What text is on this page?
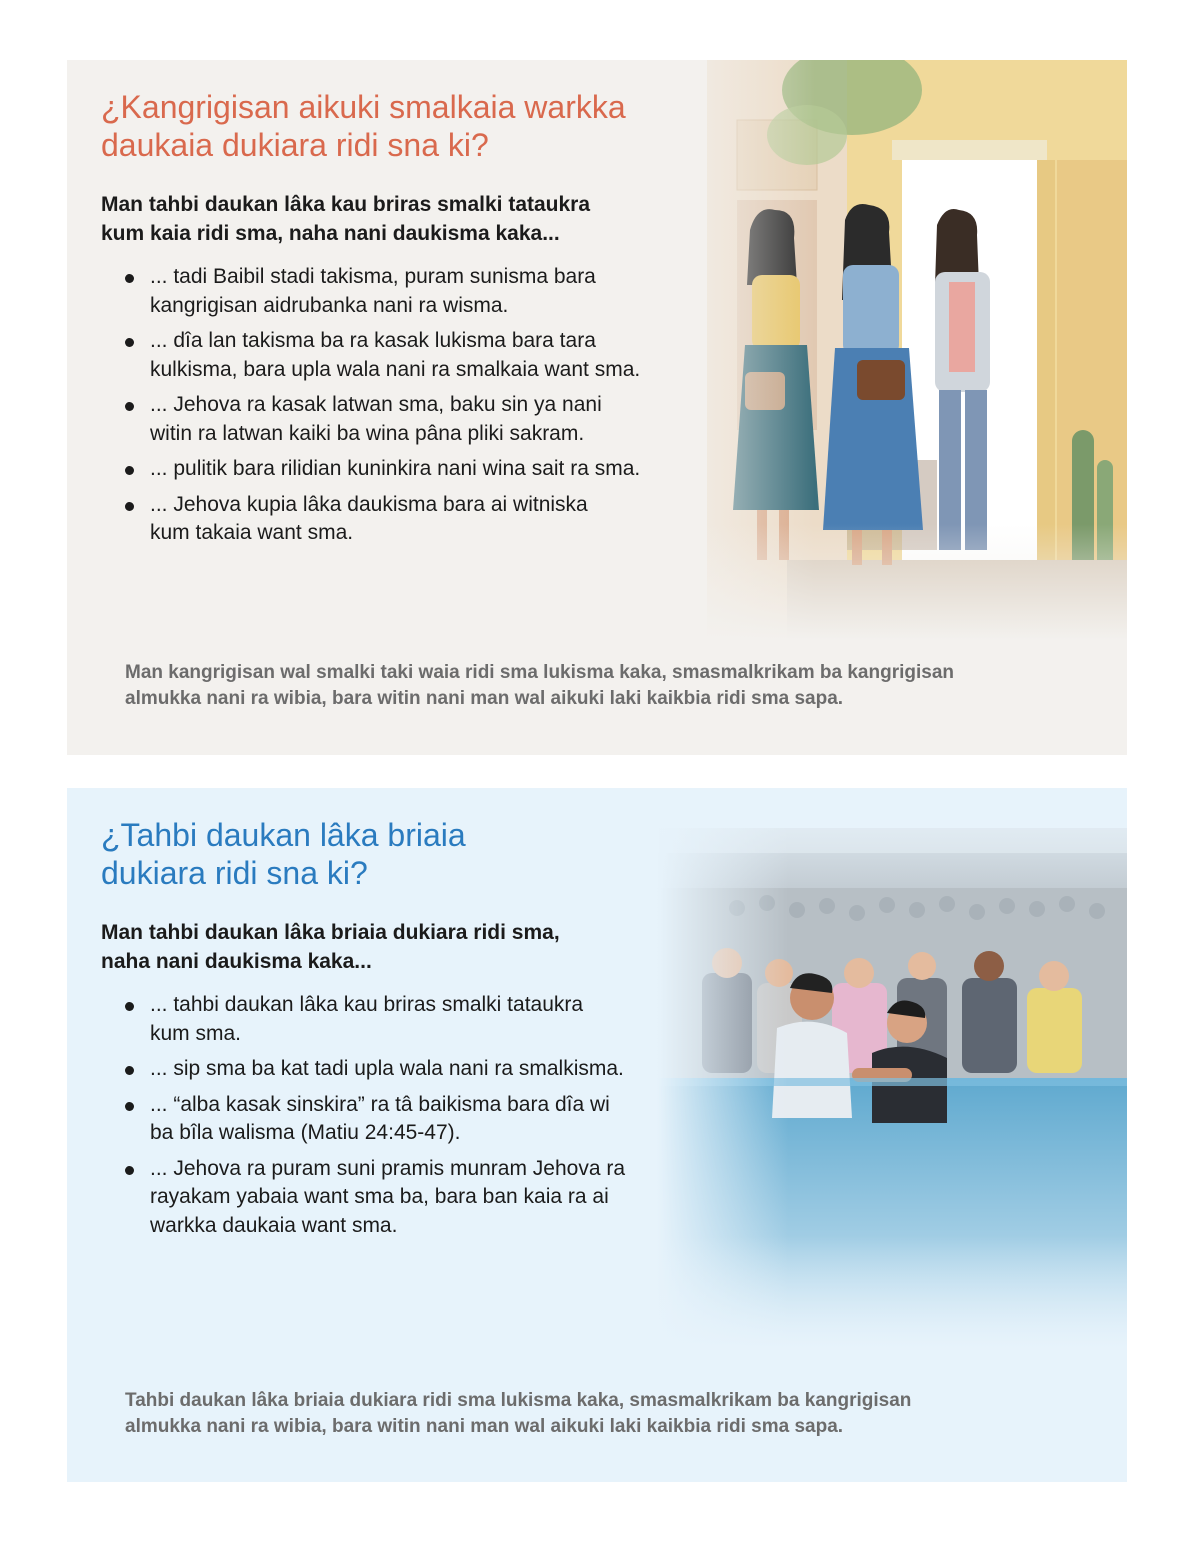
¿Kangrigisan aikuki smalkaia warkka
daukaia dukiara ridi sna ki?

Man tahbi daukan lâka kau briras smalki tataukra
kum kaia ridi sma, naha nani daukisma kaka...

... tadi Baibil stadi takisma, puram sunisma bara
kangrigisan aidrubanka nani ra wisma.
... dîa lan takisma ba ra kasak lukisma bara tara
kulkisma, bara upla wala nani ra smalkaia want sma.
... Jehova ra kasak latwan sma, baku sin ya nani
witin ra latwan kaiki ba wina pâna pliki sakram.
... pulitik bara rilidian kuninkira nani wina sait ra sma.
... Jehova kupia lâka daukisma bara ai witniska
kum takaia want sma.

Man kangrigisan wal smalki taki waia ridi sma lukisma kaka, smasmalkrikam ba kangrigisan
almukka nani ra wibia, bara witin nani man wal aikuki laki kaikbia ridi sma sapa.

¿Tahbi daukan lâka briaia
dukiara ridi sna ki?

Man tahbi daukan lâka briaia dukiara ridi sma,
naha nani daukisma kaka...

... tahbi daukan lâka kau briras smalki tataukra
kum sma.
... sip sma ba kat tadi upla wala nani ra smalkisma.
... “alba kasak sinskira” ra tâ baikisma bara dîa wi
ba bîla walisma (Matiu 24:45-47).
... Jehova ra puram suni pramis munram Jehova ra
rayakam yabaia want sma ba, bara ban kaia ra ai
warkka daukaia want sma.

Tahbi daukan lâka briaia dukiara ridi sma lukisma kaka, smasmalkrikam ba kangrigisan
almukka nani ra wibia, bara witin nani man wal aikuki laki kaikbia ridi sma sapa.
